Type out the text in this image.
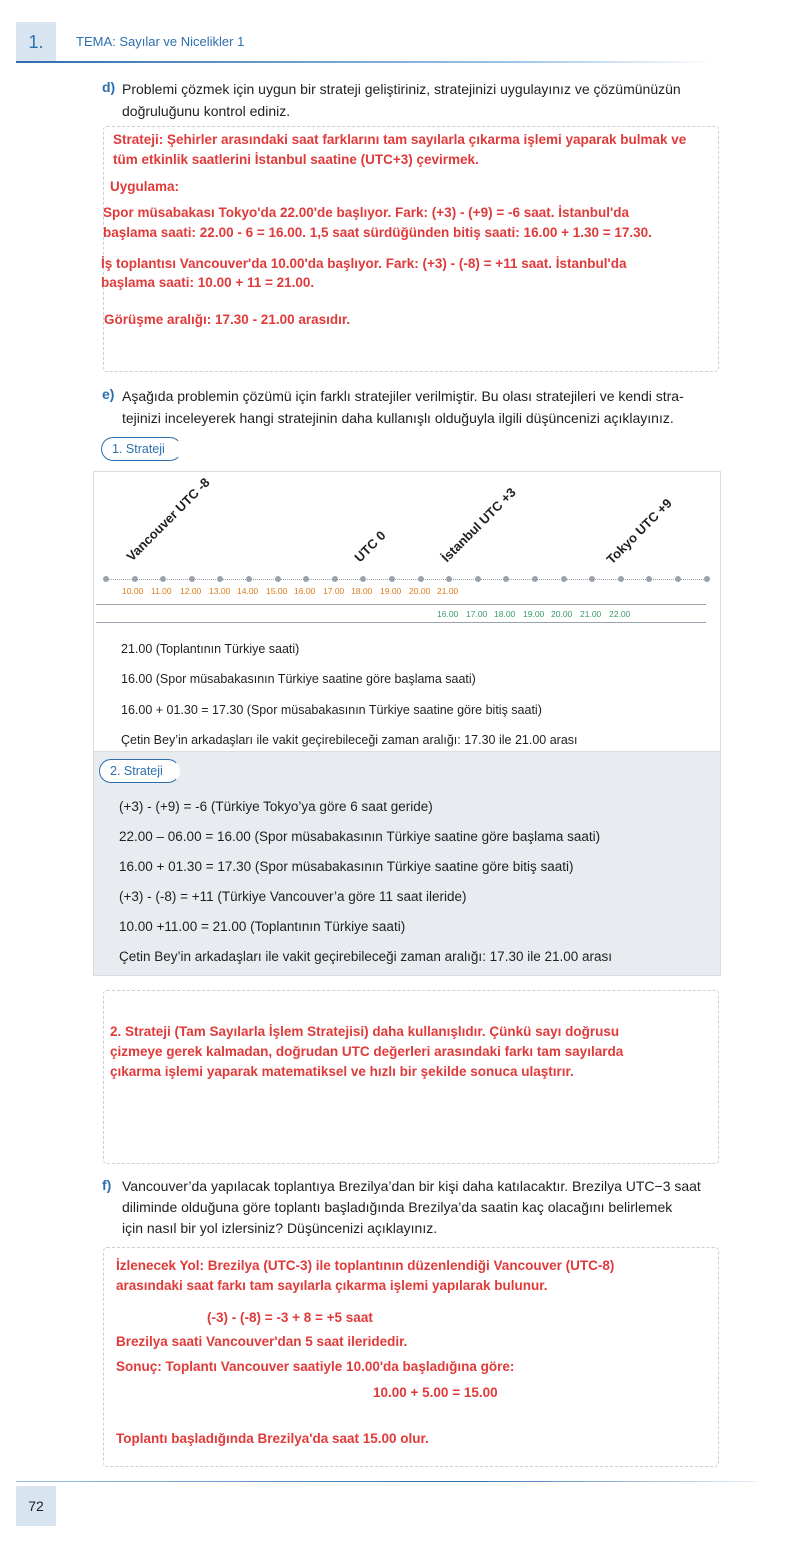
1.	TEMA: Sayılar ve Nicelikler 1
d) Problemi çözmek için uygun bir strateji geliştiriniz, stratejinizi uygulayınız ve çözümünüzün
doğruluğunu kontrol ediniz.
Strateji: Şehirler arasındaki saat farklarını tam sayılarla çıkarma işlemi yaparak bulmak ve
tüm etkinlik saatlerini İstanbul saatine (UTC+3) çevirmek.
Uygulama:
Spor müsabakası Tokyo'da 22.00'de başlıyor. Fark: (+3) - (+9) = -6 saat. İstanbul'da
başlama saati: 22.00 - 6 = 16.00. 1,5 saat sürdüğünden bitiş saati: 16.00 + 1.30 = 17.30.
İş toplantısı Vancouver'da 10.00'da başlıyor. Fark: (+3) - (-8) = +11 saat. İstanbul'da
başlama saati: 10.00 + 11 = 21.00.
Görüşme aralığı: 17.30 - 21.00 arasıdır.
e) Aşağıda problemin çözümü için farklı stratejiler verilmiştir. Bu olası stratejileri ve kendi stra-
tejinizi inceleyerek hangi stratejinin daha kullanışlı olduğuyla ilgili düşüncenizi açıklayınız.
1. Strateji
Vancouver UTC -8	UTC 0	İstanbul UTC +3	Tokyo UTC +9
10.00 11.00 12.00 13.00 14.00 15.00 16.00 17.00 18.00 19.00 20.00 21.00
16.00 17.00 18.00 19.00 20.00 21.00 22.00
21.00 (Toplantının Türkiye saati)
16.00 (Spor müsabakasının Türkiye saatine göre başlama saati)
16.00 + 01.30 = 17.30 (Spor müsabakasının Türkiye saatine göre bitiş saati)
Çetin Bey’in arkadaşları ile vakit geçirebileceği zaman aralığı: 17.30 ile 21.00 arası
2. Strateji
(+3) - (+9) = -6 (Türkiye Tokyo’ya göre 6 saat geride)
22.00 – 06.00 = 16.00 (Spor müsabakasının Türkiye saatine göre başlama saati)
16.00 + 01.30 = 17.30 (Spor müsabakasının Türkiye saatine göre bitiş saati)
(+3) - (-8) = +11 (Türkiye Vancouver’a göre 11 saat ileride)
10.00 +11.00 = 21.00 (Toplantının Türkiye saati)
Çetin Bey’in arkadaşları ile vakit geçirebileceği zaman aralığı: 17.30 ile 21.00 arası
2. Strateji (Tam Sayılarla İşlem Stratejisi) daha kullanışlıdır. Çünkü sayı doğrusu
çizmeye gerek kalmadan, doğrudan UTC değerleri arasındaki farkı tam sayılarda
çıkarma işlemi yaparak matematiksel ve hızlı bir şekilde sonuca ulaştırır.
f) Vancouver’da yapılacak toplantıya Brezilya’dan bir kişi daha katılacaktır. Brezilya UTC−3 saat
diliminde olduğuna göre toplantı başladığında Brezilya’da saatin kaç olacağını belirlemek
için nasıl bir yol izlersiniz? Düşüncenizi açıklayınız.
İzlenecek Yol: Brezilya (UTC-3) ile toplantının düzenlendiği Vancouver (UTC-8)
arasındaki saat farkı tam sayılarla çıkarma işlemi yapılarak bulunur.
(-3) - (-8) = -3 + 8 = +5 saat
Brezilya saati Vancouver'dan 5 saat ileridedir.
Sonuç: Toplantı Vancouver saatiyle 10.00'da başladığına göre:
10.00 + 5.00 = 15.00
Toplantı başladığında Brezilya'da saat 15.00 olur.
72
